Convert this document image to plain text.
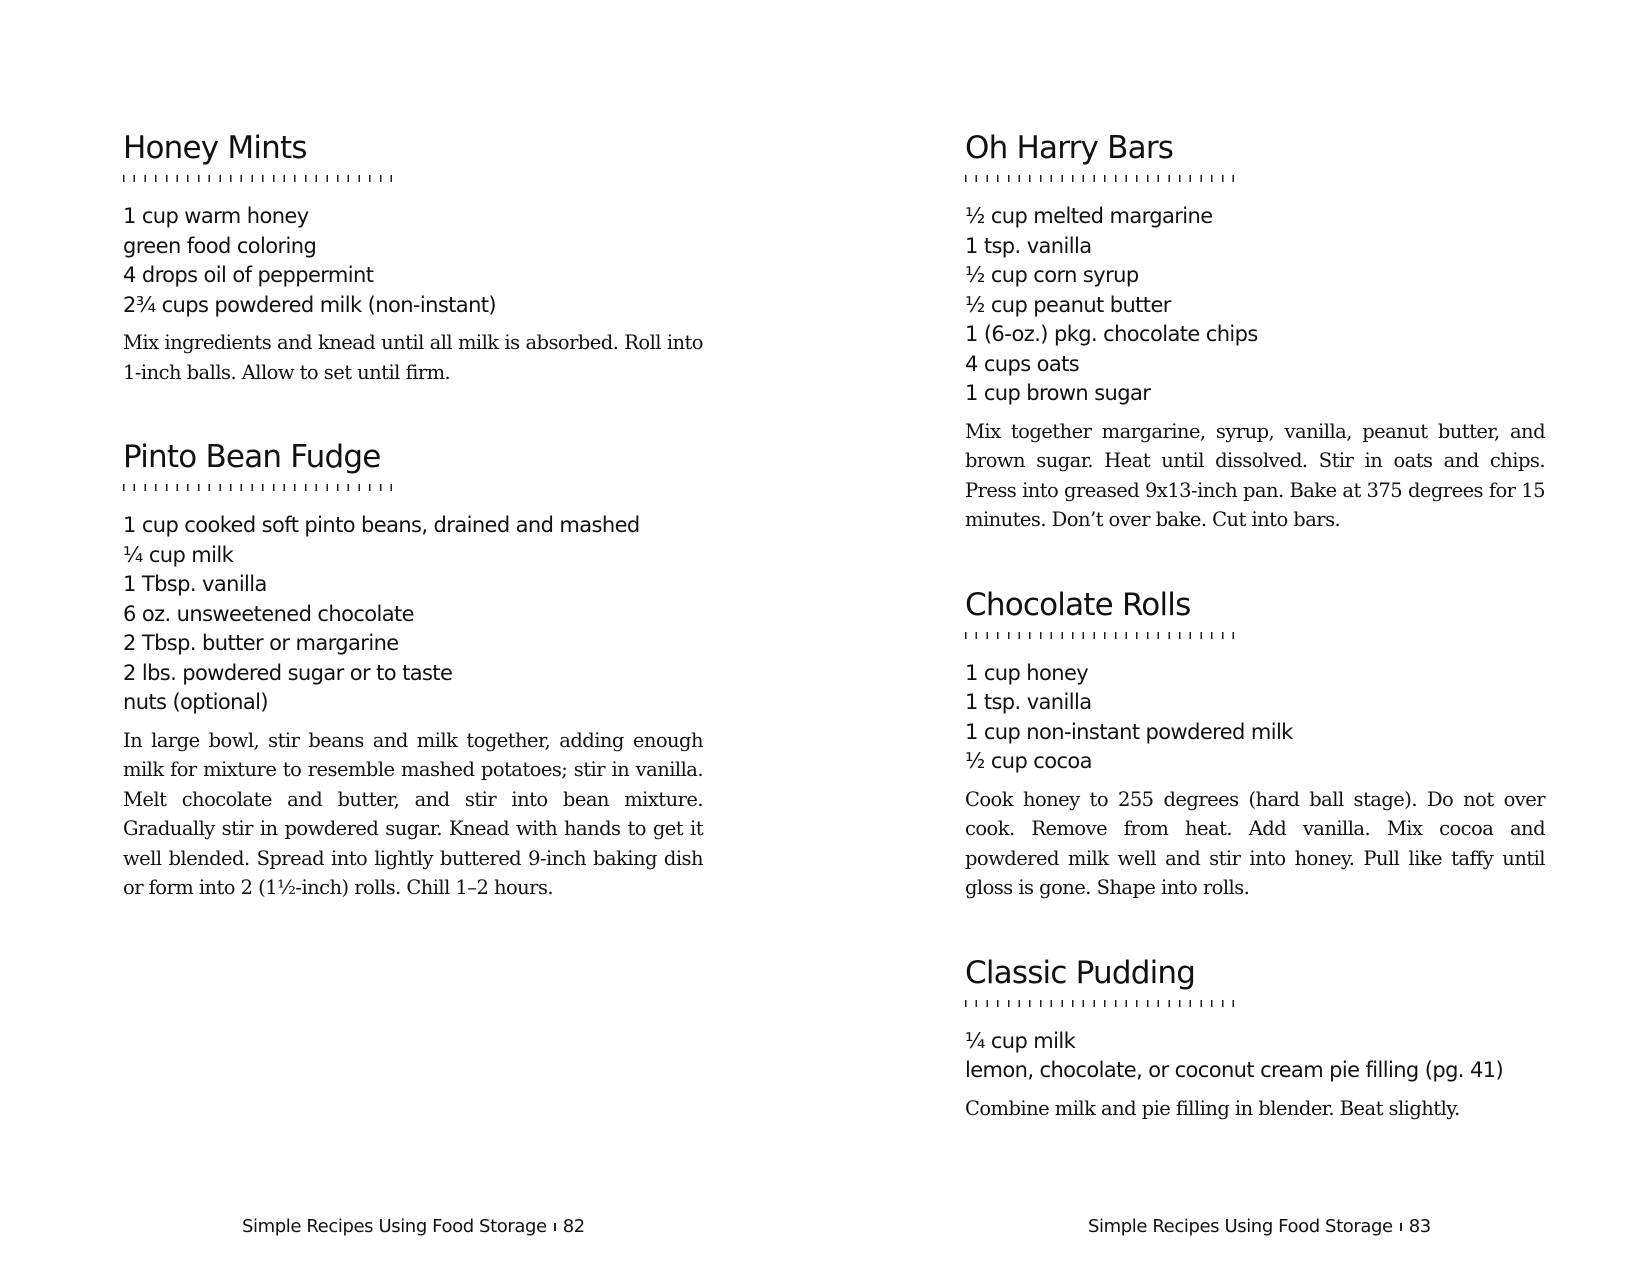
Honey Mints
1 cup warm honey
green food coloring
4 drops oil of peppermint
2¾ cups powdered milk (non-instant)

Mix ingredients and knead until all milk is absorbed. Roll into 1-inch balls. Allow to set until firm.

Pinto Bean Fudge
1 cup cooked soft pinto beans, drained and mashed
¼ cup milk
1 Tbsp. vanilla
6 oz. unsweetened chocolate
2 Tbsp. butter or margarine
2 lbs. powdered sugar or to taste
nuts (optional)

In large bowl, stir beans and milk together, adding enough milk for mixture to resemble mashed potatoes; stir in vanilla. Melt chocolate and butter, and stir into bean mixture. Gradually stir in powdered sugar. Knead with hands to get it well blended. Spread into lightly buttered 9-inch baking dish or form into 2 (1½-inch) rolls. Chill 1–2 hours.

Simple Recipes Using Food Storage 82
Oh Harry Bars
½ cup melted margarine
1 tsp. vanilla
½ cup corn syrup
½ cup peanut butter
1 (6-oz.) pkg. chocolate chips
4 cups oats
1 cup brown sugar

Mix together margarine, syrup, vanilla, peanut butter, and brown sugar. Heat until dissolved. Stir in oats and chips. Press into greased 9x13-inch pan. Bake at 375 degrees for 15 minutes. Don’t over bake. Cut into bars.

Chocolate Rolls
1 cup honey
1 tsp. vanilla
1 cup non-instant powdered milk
½ cup cocoa

Cook honey to 255 degrees (hard ball stage). Do not over cook. Remove from heat. Add vanilla. Mix cocoa and powdered milk well and stir into honey. Pull like taffy until gloss is gone. Shape into rolls.

Classic Pudding
¼ cup milk
lemon, chocolate, or coconut cream pie filling (pg. 41)

Combine milk and pie filling in blender. Beat slightly.

Simple Recipes Using Food Storage 83
